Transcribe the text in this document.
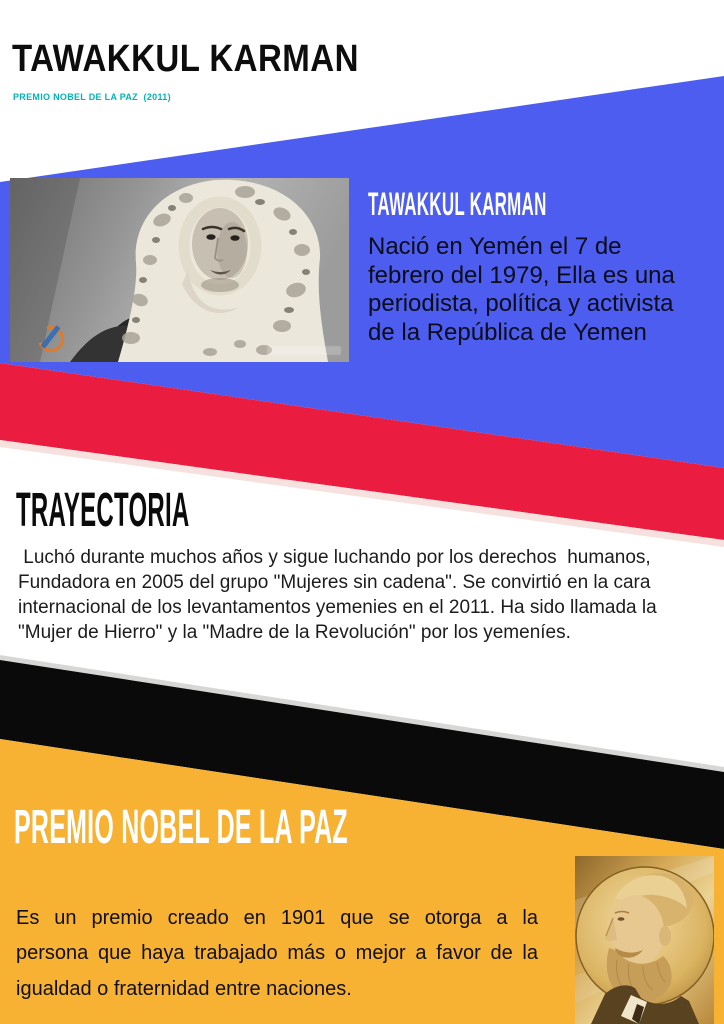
TAWAKKUL KARMAN
PREMIO NOBEL DE LA PAZ  (2011)
TAWAKKUL KARMAN
Nació en Yemén el 7 de
febrero del 1979, Ella es una
periodista, política y activista
de la República de Yemen
TRAYECTORIA
Luchó durante muchos años y sigue luchando por los derechos  humanos,
Fundadora en 2005 del grupo "Mujeres sin cadena". Se convirtió en la cara
internacional de los levantamentos yemenies en el 2011. Ha sido llamada la
"Mujer de Hierro" y la "Madre de la Revolución" por los yemeníes.
PREMIO NOBEL DE LA PAZ
Es un premio creado en 1901 que se otorga a la
persona que haya trabajado más o mejor a favor de la
igualdad o fraternidad entre naciones.
